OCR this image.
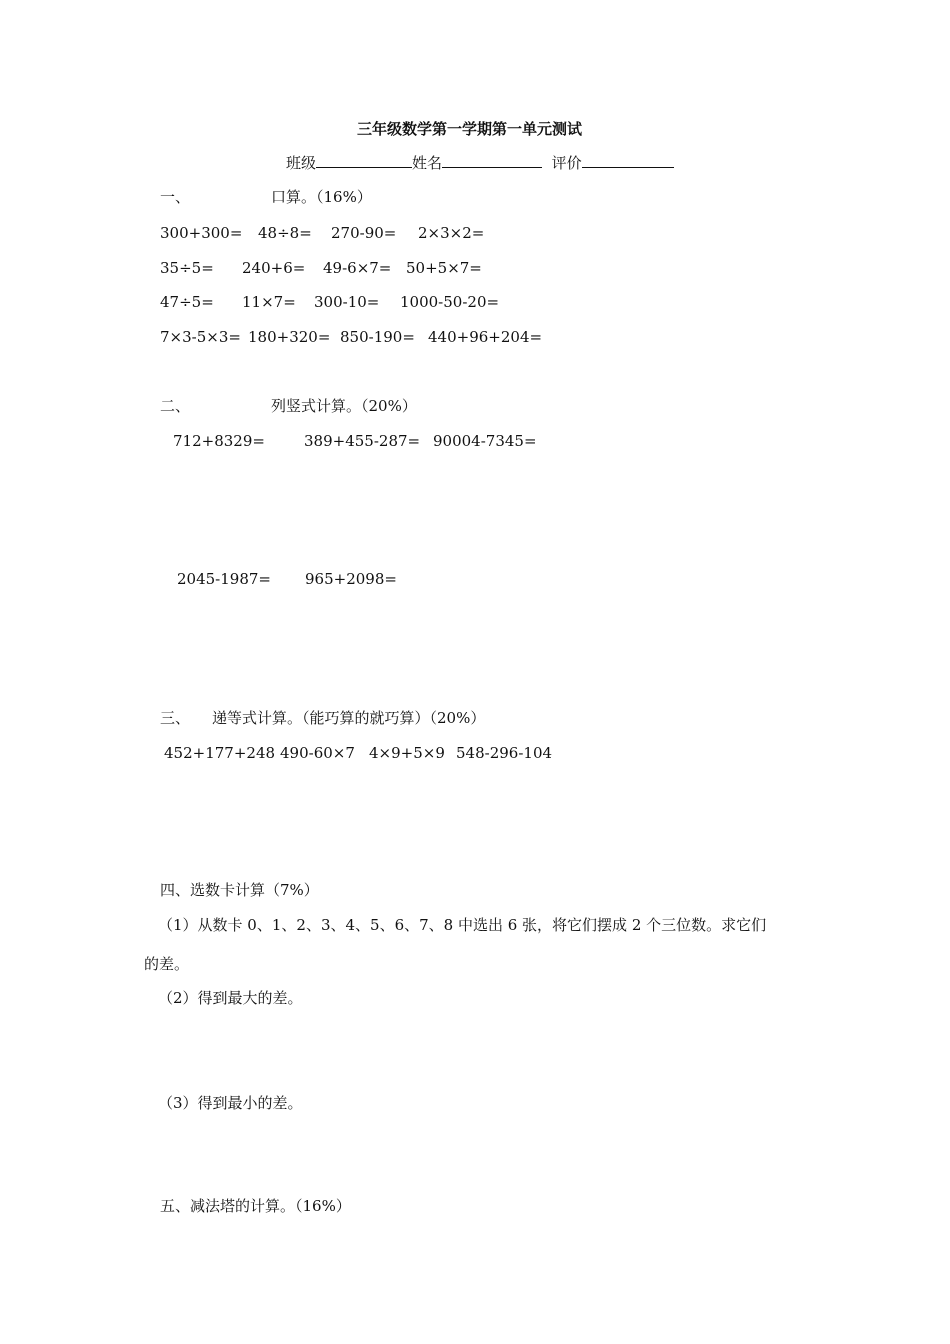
三年级数学第一学期第一单元测试
班级	姓名	评价
一、	口算。（16%）
300+300= 48÷8= 270-90= 2×3×2=
35÷5= 240+6= 49-6×7= 50+5×7=
47÷5= 11×7= 300-10= 1000-50-20=
7×3-5×3= 180+320= 850-190= 440+96+204=
二、	列竖式计算。（20%）
712+8329=	389+455-287= 90004-7345=
2045-1987= 965+2098=
三、 递等式计算。（能巧算的就巧算）（20%）
452+177+248 490-60×7 4×9+5×9 548-296-104
四、选数卡计算（7%）
（1）从数卡 0、1、2、3、4、5、6、7、8 中选出 6 张，将它们摆成 2 个三位数。求它们
的差。
（2）得到最大的差。
（3）得到最小的差。
五、减法塔的计算。（16%）
